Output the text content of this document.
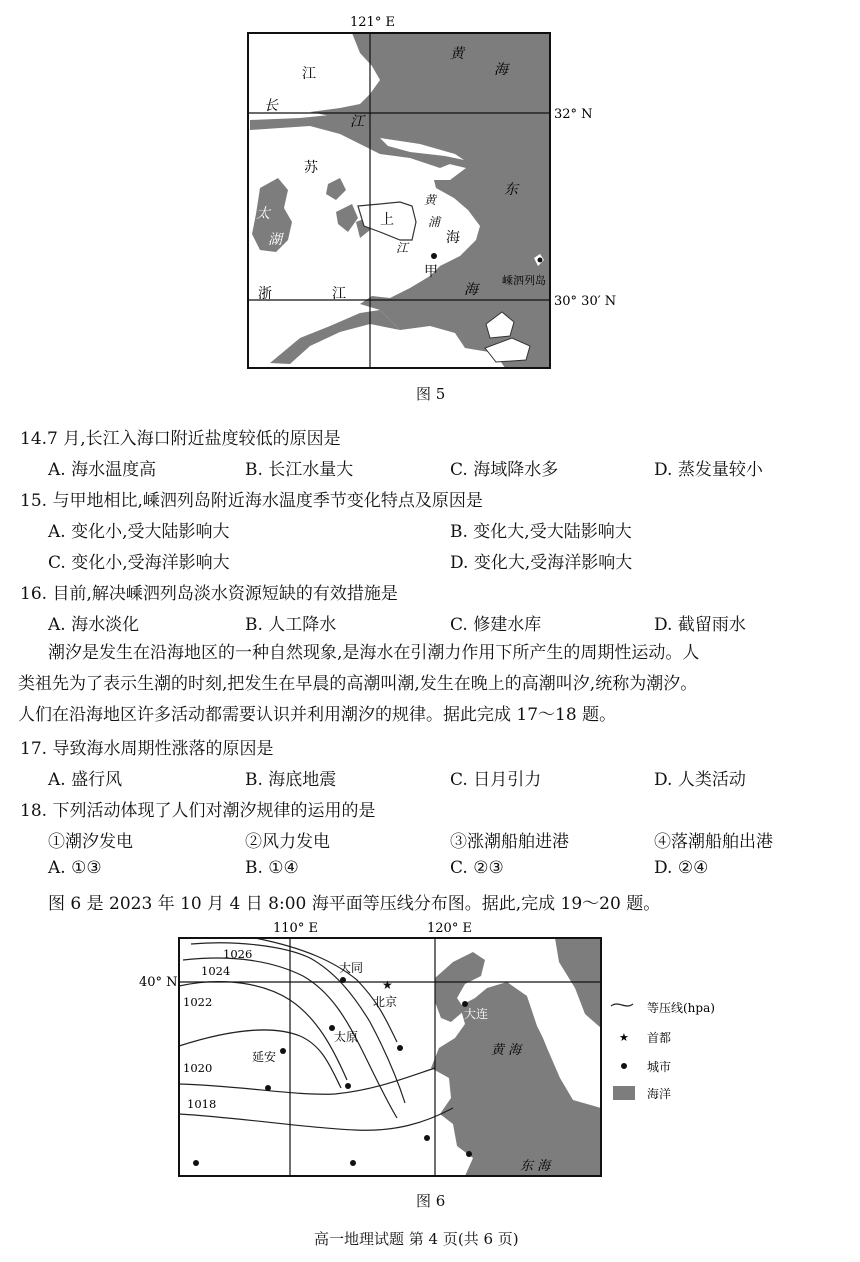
121° E
32° N
30° 30′ N
江
长
江
苏
太
湖
黄
海
东
海
上
海
黄
浦
江
甲
嵊泗列岛
浙	江
图 5
14.7 月,长江入海口附近盐度较低的原因是
A. 海水温度高	B. 长江水量大	C. 海域降水多	D. 蒸发量较小
15. 与甲地相比,嵊泗列岛附近海水温度季节变化特点及原因是
A. 变化小,受大陆影响大	B. 变化大,受大陆影响大
C. 变化小,受海洋影响大	D. 变化大,受海洋影响大
16. 目前,解决嵊泗列岛淡水资源短缺的有效措施是
A. 海水淡化	B. 人工降水	C. 修建水库	D. 截留雨水

潮汐是发生在沿海地区的一种自然现象,是海水在引潮力作用下所产生的周期性运动。人

类祖先为了表示生潮的时刻,把发生在早晨的高潮叫潮,发生在晚上的高潮叫汐,统称为潮汐。

人们在沿海地区许多活动都需要认识并利用潮汐的规律。据此完成 17～18 题。

17. 导致海水周期性涨落的原因是
A. 盛行风	B. 海底地震	C. 日月引力	D. 人类活动
18. 下列活动体现了人们对潮汐规律的运用的是
①潮汐发电	②风力发电	③涨潮船舶进港	④落潮船舶出港
A. ①③	B. ①④	C. ②③	D. ②④
图 6 是 2023 年 10 月 4 日 8:00 海平面等压线分布图。据此,完成 19～20 题。
★
110° E	120° E
40° N
1026
1024
1022
1020
1018
大同
北京
太原
延安
大连
黄 海
东 海
等压线(hpa)
★ 首都
城市
海洋
图 6
高一地理试题 第 4 页(共 6 页)
